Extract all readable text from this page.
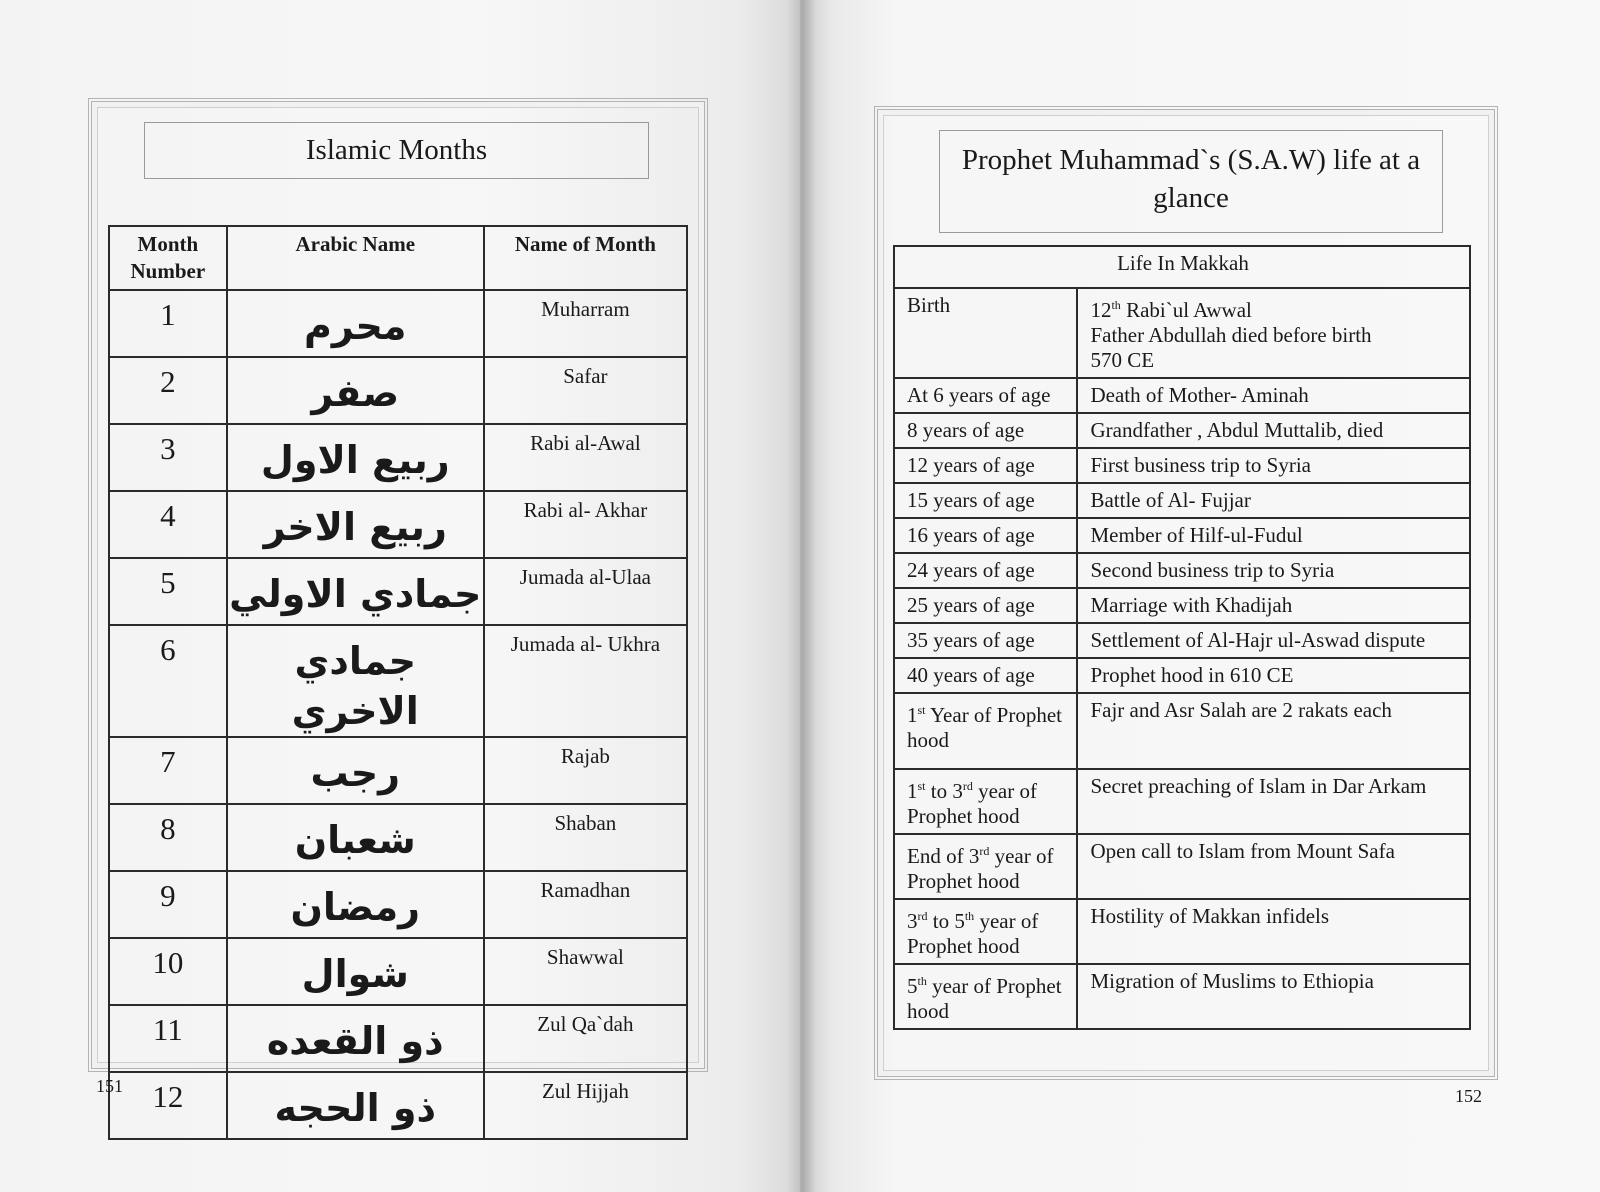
Islamic Months
Month
Number	Arabic Name	Name of Month
1	محرم	Muharram
2	صفر	Safar
3	ربيع الاول	Rabi al-Awal
4	ربيع الاخر	Rabi al- Akhar
5	جمادي الاولي	Jumada al-Ulaa
6	جمادي الاخري	Jumada al- Ukhra
7	رجب	Rajab
8	شعبان	Shaban
9	رمضان	Ramadhan
10	شوال	Shawwal
11	ذو القعده	Zul Qa`dah
12	ذو الحجه	Zul Hijjah
151
Prophet Muhammad`s (S.A.W) life at a glance
Life In Makkah	
Birth	12th Rabi`ul Awwal
Father Abdullah died before birth
570 CE

At 6 years of age	Death of Mother- Aminah

8 years of age	Grandfather , Abdul Muttalib, died

12 years of age	First business trip to Syria

15 years of age	Battle of Al- Fujjar

16 years of age	Member of Hilf-ul-Fudul

24 years of age	Second business trip to Syria

25 years of age	Marriage with Khadijah

35 years of age	Settlement of Al-Hajr ul-Aswad dispute

40 years of age	Prophet hood in 610 CE

1st Year of Prophet hood	Fajr and Asr Salah are 2 rakats each

1st to 3rd year of Prophet hood	Secret preaching of Islam in Dar Arkam

End of 3rd year of Prophet hood	Open call to Islam from Mount Safa

3rd to 5th year of Prophet hood	Hostility of Makkan infidels

5th year of Prophet hood	Migration of Muslims to Ethiopia
152
